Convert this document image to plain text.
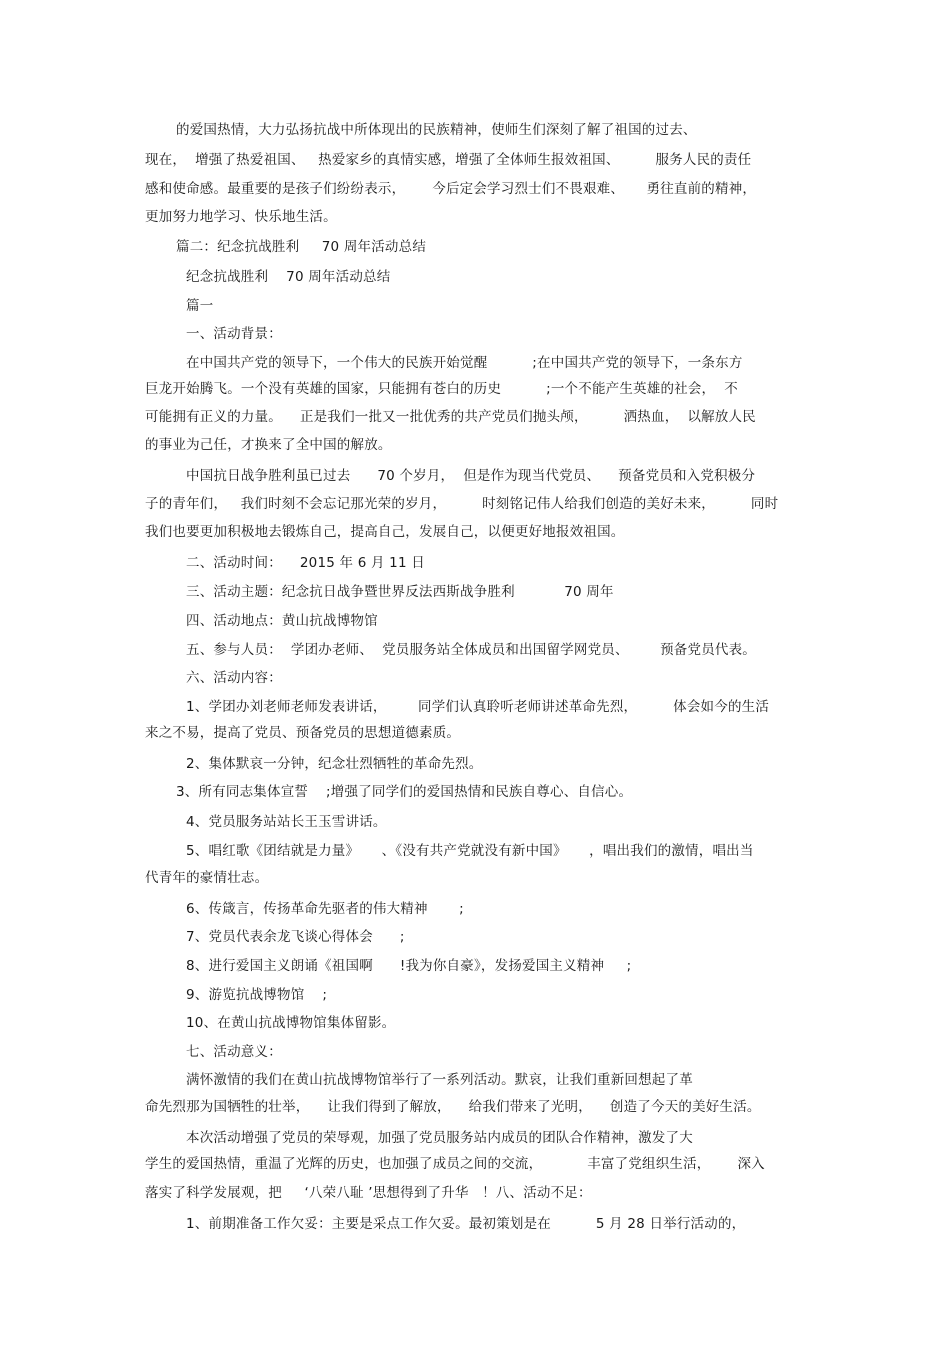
的爱国热情，大力弘扬抗战中所体现出的民族精神，使师生们深刻了解了祖国的过去、
现在，  增强了热爱祖国、   热爱家乡的真情实感，增强了全体师生报效祖国、        服务人民的责任
感和使命感。最重要的是孩子们纷纷表示，      今后定会学习烈士们不畏艰难、     勇往直前的精神，
更加努力地学习、快乐地生活。
篇二：纪念抗战胜利     70 周年活动总结
纪念抗战胜利    70 周年活动总结
篇一
一、活动背景：
在中国共产党的领导下，一个伟大的民族开始觉醒          ;在中国共产党的领导下，一条东方
巨龙开始腾飞。一个没有英雄的国家，只能拥有苍白的历史          ;一个不能产生英雄的社会，  不
可能拥有正义的力量。    正是我们一批又一批优秀的共产党员们抛头颅，        洒热血，  以解放人民
的事业为己任，才换来了全中国的解放。
中国抗日战争胜利虽已过去      70 个岁月，  但是作为现当代党员、    预备党员和入党积极分
子的青年们，   我们时刻不会忘记那光荣的岁月，        时刻铭记伟人给我们创造的美好未来，        同时
我们也要更加积极地去锻炼自己，提高自己，发展自己，以便更好地报效祖国。
二、活动时间：    2015 年 6 月 11 日
三、活动主题：纪念抗日战争暨世界反法西斯战争胜利           70 周年
四、活动地点：黄山抗战博物馆
五、参与人员：  学团办老师、  党员服务站全体成员和出国留学网党员、       预备党员代表。
六、活动内容：
1、学团办刘老师老师发表讲话，       同学们认真聆听老师讲述革命先烈，        体会如今的生活
来之不易，提高了党员、预备党员的思想道德素质。
2、集体默哀一分钟，纪念壮烈牺牲的革命先烈。
3、所有同志集体宣誓    ;增强了同学们的爱国热情和民族自尊心、自信心。
4、党员服务站站长王玉雪讲话。
5、唱红歌《团结就是力量》     、《没有共产党就没有新中国》     ，唱出我们的激情，唱出当
代青年的豪情壮志。
6、传箴言，传扬革命先驱者的伟大精神       ;
7、党员代表余龙飞谈心得体会      ;
8、进行爱国主义朗诵《祖国啊      !我为你自豪》，发扬爱国主义精神     ;
9、游览抗战博物馆    ;
10、在黄山抗战博物馆集体留影。
七、活动意义：
满怀激情的我们在黄山抗战博物馆举行了一系列活动。默哀，让我们重新回想起了革
命先烈那为国牺牲的壮举，    让我们得到了解放，    给我们带来了光明，    创造了今天的美好生活。
本次活动增强了党员的荣辱观，加强了党员服务站内成员的团队合作精神，激发了大
学生的爱国热情，重温了光辉的历史，也加强了成员之间的交流，          丰富了党组织生活，      深入
落实了科学发展观，把     ‘八荣八耻 ’思想得到了升华   ！八、活动不足：
1、前期准备工作欠妥：主要是采点工作欠妥。最初策划是在          5 月 28 日举行活动的，
